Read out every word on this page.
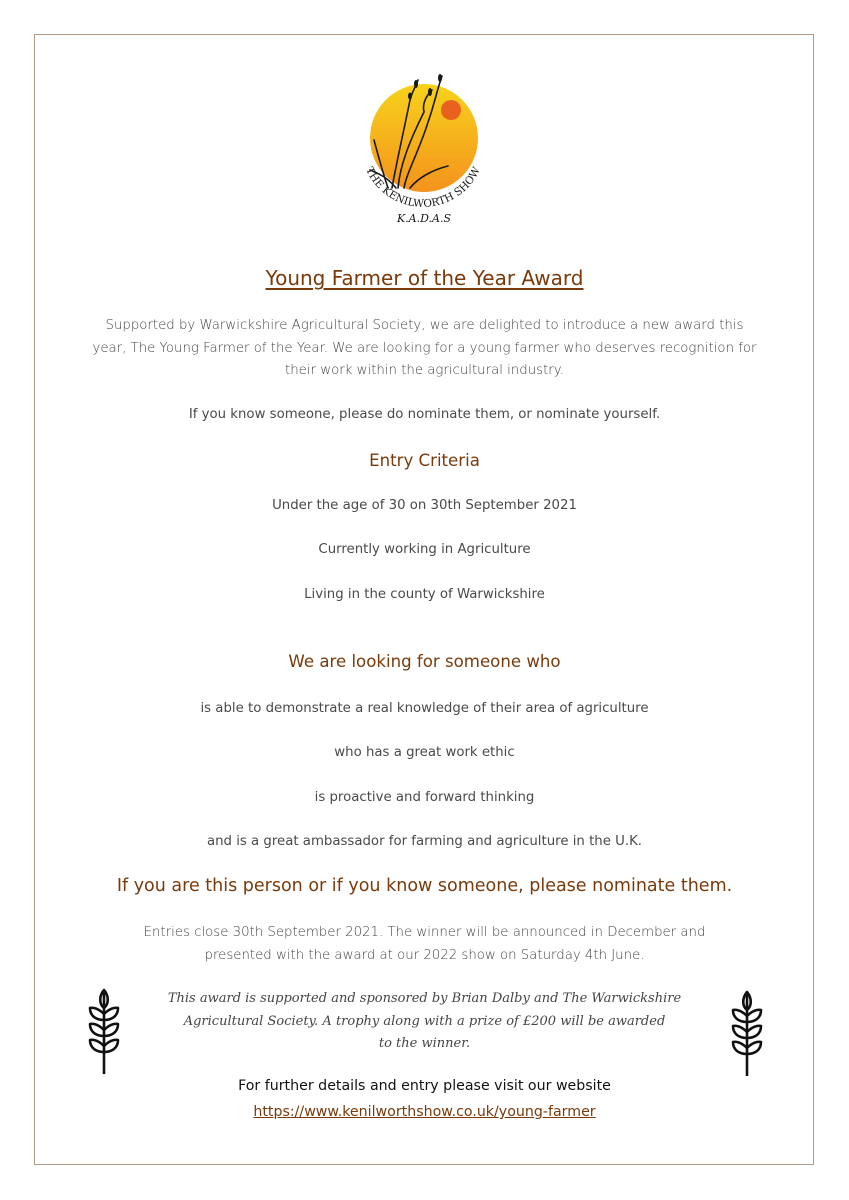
THE KENILWORTH SHOW
K.A.D.A.S
Young Farmer of the Year Award
Supported by Warwickshire Agricultural Society, we are delighted to introduce a new award this
year, The Young Farmer of the Year. We are looking for a young farmer who deserves recognition for
their work within the agricultural industry.
If you know someone, please do nominate them, or nominate yourself.
Entry Criteria
Under the age of 30 on 30th September 2021
Currently working in Agriculture
Living in the county of Warwickshire
We are looking for someone who
is able to demonstrate a real knowledge of their area of agriculture
who has a great work ethic
is proactive and forward thinking
and is a great ambassador for farming and agriculture in the U.K.
If you are this person or if you know someone, please nominate them.
Entries close 30th September 2021. The winner will be announced in December and
presented with the award at our 2022 show on Saturday 4th June.
This award is supported and sponsored by Brian Dalby and The Warwickshire
Agricultural Society. A trophy along with a prize of £200 will be awarded
to the winner.
For further details and entry please visit our website
https://www.kenilworthshow.co.uk/young-farmer
